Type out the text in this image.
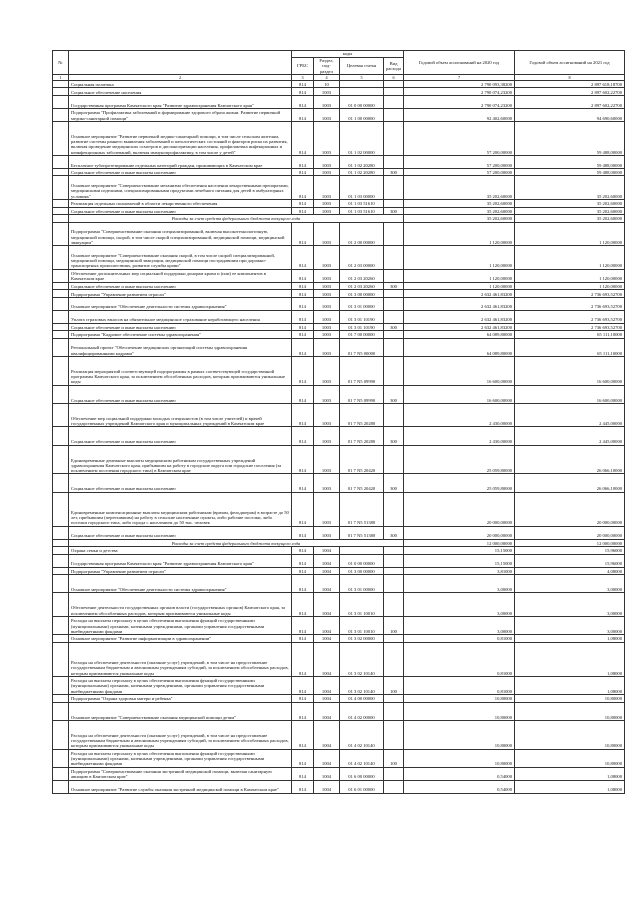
№		коды				Годовой объем ассигнований на 2020 год	Годовой объем ассигнований на 2021 год
		ГРБС	Раздел, под-раздел	Целевая статья	Вид расхода		
1	2	3	4	5	6	7	8
	Социальная политика	814	10			2 790 093,38200	2 897 618,18700
	Социальное обеспечение населения	814	1003			2 790 074,23200	2 897 602,22700
	Государственная программа Камчатского края "Развитие здравоохранения Камчатского края"	814	1003	01 0 00 00000		2 790 074,23200	2 897 602,22700
	Подпрограмма "Профилактика заболеваний и формирование здорового образа жизни. Развитие первичной медико-санитарной помощи"	814	1003	01 1 00 00000		92 402,60000	94 690,60000
	Основное мероприятие "Развитие первичной медико-санитарной помощи, в том числе сельским жителям, развитие системы раннего выявления заболеваний и патологических состояний и факторов риска их развития, включая проведение медицинских осмотров и диспансеризации населения, профилактика инфекционных и неинфекционных заболеваний, включая иммунопрофилактику, в том числе у детей"	814	1003	01 1 02 00000		57 200,00000	59 488,00000
	Бесплатное зубопротезирование отдельных категорий граждан, проживающих в Камчатском крае	814	1003	01 1 02 20280		57 200,00000	59 488,00000
	Социальное обеспечение и иные выплаты населению	814	1003	01 1 02 20280	300	57 200,00000	59 488,00000
	Основное мероприятие "Совершенствование механизма обеспечения населения лекарственными препаратами, медицинскими изделиями, специализированными продуктами лечебного питания для детей в амбулаторных условиях"	814	1003	01 1 03 00000		35 202,60000	35 202,60000
	Реализация отдельных полномочий в области лекарственного обеспечения	814	1003	01 1 03 51610		35 202,60000	35 202,60000
	Социальное обеспечение и иные выплаты населению	814	1003	01 1 03 51610	300	35 202,60000	35 202,60000
	Расходы за счет средств федерального бюджета текущего года					35 202,60000	35 202,60000
	Подпрограмма "Совершенствование оказания специализированной, включая высокотехнологичную, медицинской помощи, скорой, в том числе скорой специализированной, медицинской помощи, медицинской эвакуации"	814	1003	01 2 00 00000		1 120,00000	1 120,00000
	Основное мероприятие "Совершенствование оказания скорой, в том числе скорой специализированной, медицинской помощи, медицинской эвакуации, медицинской помощи пострадавшим при дорожно-транспортных происшествиях, развитие службы крови"	814	1003	01 2 03 00000		1 120,00000	1 120,00000
	Обеспечение дополнительных мер социальной поддержки донорам крови и (или) ее компонентов в Камчатском крае	814	1003	01 2 03 20260		1 120,00000	1 120,00000
	Социальное обеспечение и иные выплаты населению	814	1003	01 2 03 20260	300	1 120,00000	1 120,00000
	Подпрограмма "Управление развитием отрасли"	814	1003	01 3 00 00000		2 632 461,83200	2 736 693,52700
	Основное мероприятие "Обеспечение деятельности системы здравоохранения"	814	1003	01 3 01 00000		2 632 461,83200	2 736 693,52700
	Уплата страховых взносов на обязательное медицинское страхование неработающего населения	814	1003	01 3 01 10190		2 632 461,83200	2 736 693,52700
	Социальное обеспечение и иные выплаты населению	814	1003	01 3 01 10190	300	2 632 461,83200	2 736 693,52700
	Подпрограмма "Кадровое обеспечение системы здравоохранения"	814	1003	01 7 00 00000		64 089,80000	65 111,10000
	Региональный проект "Обеспечение медицинских организаций системы здравоохранения квалифицированными кадрами"	814	1003	01 7 N5 00000		64 089,80000	65 111,10000
	Реализация мероприятий соответствующей подпрограммы в рамках соответствующей государственной программы Камчатского края, за исключением обособленных расходов, которым присваиваются уникальные коды	814	1003	01 7 N5 09990		16 600,00000	16 600,00000
	Социальное обеспечение и иные выплаты населению	814	1003	01 7 N5 09990	300	16 600,00000	16 600,00000
	Обеспечение мер социальной поддержки молодых специалистов (в том числе учителей) и врачей государственных учреждений Камчатского края и муниципальных учреждений в Камчатском крае	814	1003	01 7 N5 20280		2 430,00000	2 445,00000
	Социальное обеспечение и иные выплаты населению	814	1003	01 7 N5 20280	300	2 430,00000	2 445,00000
	Единовременные денежные выплаты медицинским работникам государственных учреждений здравоохранения Камчатского края, прибывшим на работу в городские округа или городские поселения (за исключением поселения городского типа) в Камчатском крае	814	1003	01 7 N5 20420		25 059,80000	26 066,10000
	Социальное обеспечение и иные выплаты населению	814	1003	01 7 N5 20420	300	25 059,80000	26 066,10000
	Единовременные компенсационные выплаты медицинским работникам (врачам, фельдшерам) в возрасте до 50 лет, прибывшим (переехавшим) на работу в сельские населенные пункты, либо рабочие поселки, либо поселки городского типа, либо города с населением до 50 тыс. человек	814	1003	01 7 N5 51380		20 000,00000	20 000,00000
	Социальное обеспечение и иные выплаты населению	814	1003	01 7 N5 51380	300	20 000,00000	20 000,00000
	Расходы за счет средств федерального бюджета текущего года					12 000,00000	12 000,00000
	Охрана семьи и детства	814	1004			15,15000	15,96000
	Государственная программа Камчатского края "Развитие здравоохранения Камчатского края"	814	1004	01 0 00 00000		15,15000	15,96000
	Подпрограмма "Управление развитием отрасли"	814	1004	01 3 00 00000		3,81000	4,08000
	Основное мероприятие "Обеспечение деятельности системы здравоохранения"	814	1004	01 3 01 00000		3,00000	3,00000
	Обеспечение деятельности государственных органов власти (государственных органов) Камчатского края, за исключением обособленных расходов, которым присваиваются уникальные коды	814	1004	01 3 01 10010		3,00000	3,00000
	Расходы на выплаты персоналу в целях обеспечения выполнения функций государственными (муниципальными) органами, казенными учреждениями, органами управления государственными внебюджетными фондами	814	1004	01 3 01 10010	100	3,00000	3,00000
	Основное мероприятие "Развитие информатизации в здравоохранении"	814	1004	01 3 02 00000		0,81000	1,08000
	Расходы на обеспечение деятельности (оказание услуг) учреждений, в том числе на предоставление государственным бюджетным и автономным учреждениям субсидий, за исключением обособленных расходов, которым присваиваются уникальные коды	814	1004	01 3 02 10140		0,81000	1,08000
	Расходы на выплаты персоналу в целях обеспечения выполнения функций государственными (муниципальными) органами, казенными учреждениями, органами управления государственными внебюджетными фондами	814	1004	01 3 02 10140	100	0,81000	1,08000
	Подпрограмма "Охрана здоровья матери и ребенка"	814	1004	01 4 00 00000		10,80000	10,80000
	Основное мероприятие "Совершенствование оказания медицинской помощи детям"	814	1004	01 4 02 00000		10,80000	10,80000
	Расходы на обеспечение деятельности (оказание услуг) учреждений, в том числе на предоставление государственным бюджетным и автономным учреждениям субсидий, за исключением обособленных расходов, которым присваиваются уникальные коды	814	1004	01 4 02 10140		10,80000	10,80000
	Расходы на выплаты персоналу в целях обеспечения выполнения функций государственными (муниципальными) органами, казенными учреждениями, органами управления государственными внебюджетными фондами	814	1004	01 4 02 10140	100	10,80000	10,80000
	Подпрограмма "Совершенствование оказания экстренной медицинской помощи, включая санитарную авиацию в Камчатском крае"	814	1004	01 6 00 00000		0,54000	1,08000
	Основное мероприятие "Развитие службы оказания экстренной медицинской помощи в Камчатском крае"	814	1004	01 6 01 00000		0,54000	1,08000
